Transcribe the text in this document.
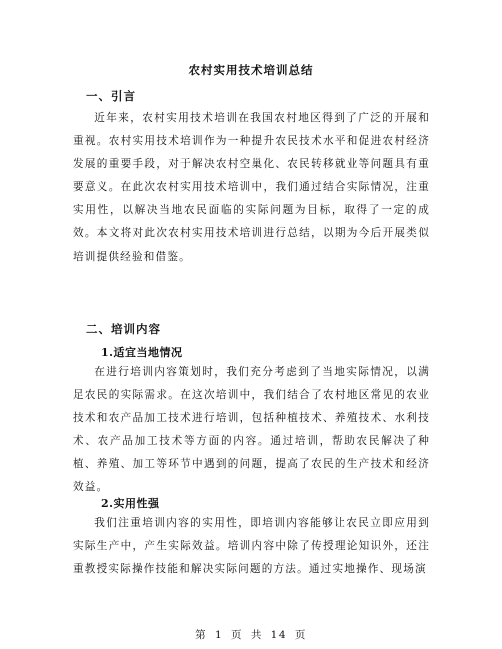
农村实用技术培训总结
一、引言

近年来，农村实用技术培训在我国农村地区得到了广泛的开展和重视。农村实用技术培训作为一种提升农民技术水平和促进农村经济发展的重要手段，对于解决农村空巢化、农民转移就业等问题具有重要意义。在此次农村实用技术培训中，我们通过结合实际情况，注重实用性，以解决当地农民面临的实际问题为目标，取得了一定的成效。本文将对此次农村实用技术培训进行总结，以期为今后开展类似培训提供经验和借鉴。

二、培训内容
1.适宜当地情况

在进行培训内容策划时，我们充分考虑到了当地实际情况，以满足农民的实际需求。在这次培训中，我们结合了农村地区常见的农业技术和农产品加工技术进行培训，包括种植技术、养殖技术、水利技术、农产品加工技术等方面的内容。通过培训，帮助农民解决了种植、养殖、加工等环节中遇到的问题，提高了农民的生产技术和经济效益。

2.实用性强

我们注重培训内容的实用性，即培训内容能够让农民立即应用到实际生产中，产生实际效益。培训内容中除了传授理论知识外，还注重教授实际操作技能和解决实际问题的方法。通过实地操作、现场演

第 1 页 共 14 页
